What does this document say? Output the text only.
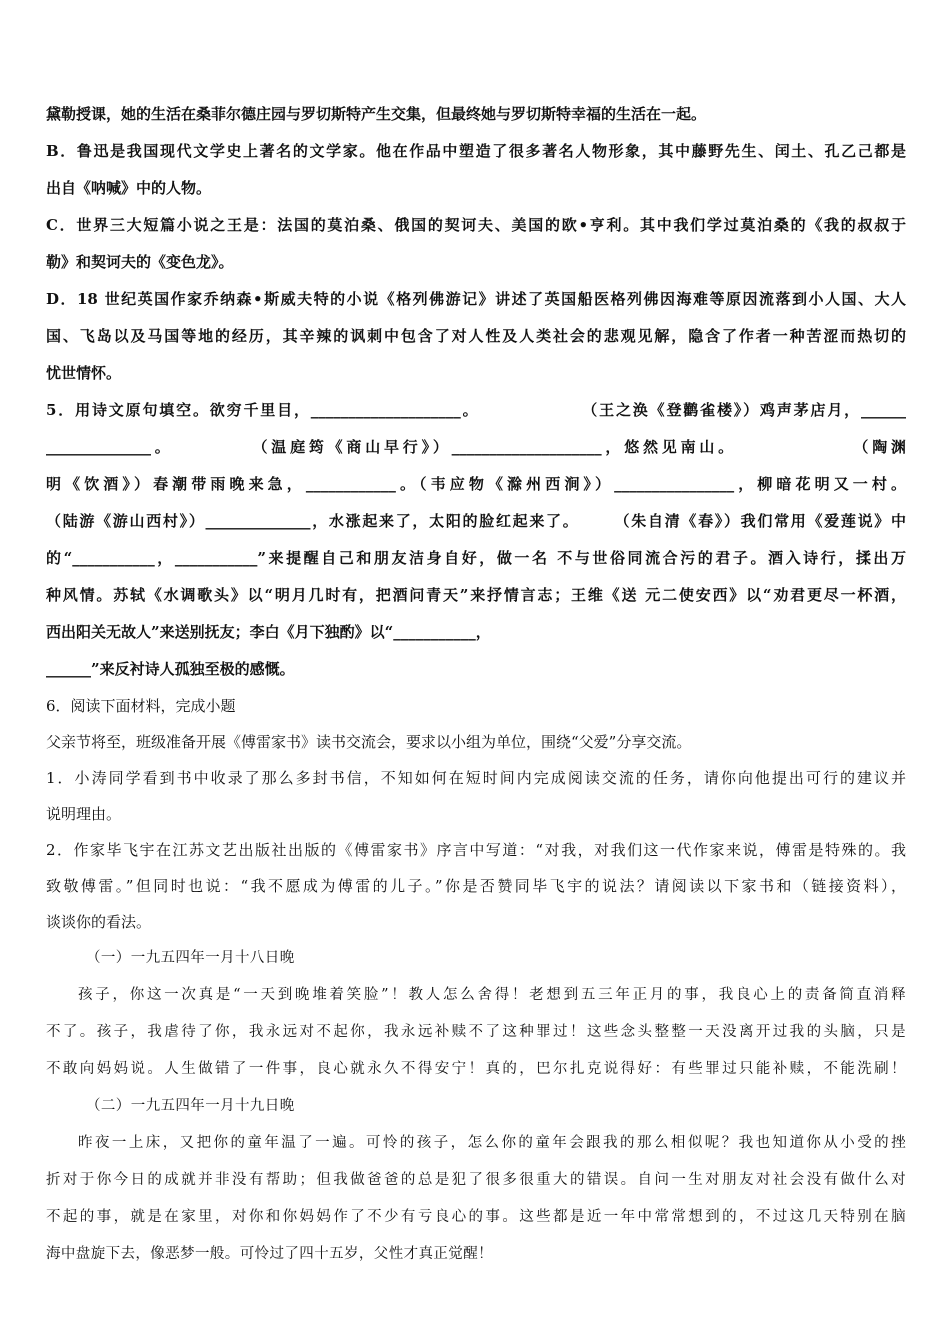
黛勒授课，她的生活在桑菲尔德庄园与罗切斯特产生交集，但最终她与罗切斯特幸福的生活在一起。
B．鲁迅是我国现代文学史上著名的文学家。他在作品中塑造了很多著名人物形象，其中藤野先生、闰土、孔乙己都是
出自《呐喊》中的人物。
C．世界三大短篇小说之王是：法国的莫泊桑、俄国的契诃夫、美国的欧•亨利。其中我们学过莫泊桑的《我的叔叔于
勒》和契诃夫的《变色龙》。
D．18 世纪英国作家乔纳森•斯威夫特的小说《格列佛游记》讲述了英国船医格列佛因海难等原因流落到小人国、大人
国、飞岛以及马国等地的经历，其辛辣的讽刺中包含了对人性及人类社会的悲观见解，隐含了作者一种苦涩而热切的
忧世情怀。
5．用诗文原句填空。欲穷千里目，____________________。　　　　　　　（王之涣《登鹳雀楼》）鸡声茅店月，______
______________。　　　　　（温庭筠《商山早行》）____________________，悠然见南山。　　　　　　　（陶渊
明《饮酒》）春潮带雨晚来急，____________。（韦应物《滁州西涧》）________________，柳暗花明又一村。
（陆游《游山西村》）______________，水涨起来了，太阳的脸红起来了。　　　（朱自清《春》）我们常用《爱莲说》中
的“___________，___________”来提醒自己和朋友洁身自好，做一名 不与世俗同流合污的君子。酒入诗行，揉出万
种风情。苏轼《水调歌头》以“明月几时有，把酒问青天”来抒情言志；王维《送 元二使安西》以“劝君更尽一杯酒，
西出阳关无故人”来送别抚友；李白《月下独酌》以“___________，
______”来反衬诗人孤独至极的感慨。
6．阅读下面材料，完成小题
父亲节将至，班级准备开展《傅雷家书》读书交流会，要求以小组为单位，围绕“父爱”分享交流。
1．小涛同学看到书中收录了那么多封书信，不知如何在短时间内完成阅读交流的任务，请你向他提出可行的建议并
说明理由。
2．作家毕飞宇在江苏文艺出版社出版的《傅雷家书》序言中写道：“对我，对我们这一代作家来说，傅雷是特殊的。我
致敬傅雷。”但同时也说：“我不愿成为傅雷的儿子。”你是否赞同毕飞宇的说法？请阅读以下家书和（链接资料），
谈谈你的看法。
（一）一九五四年一月十八日晚
孩子，你这一次真是“一天到晚堆着笑脸”！教人怎么舍得！老想到五三年正月的事，我良心上的责备简直消释
不了。孩子，我虐待了你，我永远对不起你，我永远补赎不了这种罪过！这些念头整整一天没离开过我的头脑，只是
不敢向妈妈说。人生做错了一件事，良心就永久不得安宁！真的，巴尔扎克说得好：有些罪过只能补赎，不能洗刷！
（二）一九五四年一月十九日晚
昨夜一上床，又把你的童年温了一遍。可怜的孩子，怎么你的童年会跟我的那么相似呢？我也知道你从小受的挫
折对于你今日的成就并非没有帮助；但我做爸爸的总是犯了很多很重大的错误。自问一生对朋友对社会没有做什么对
不起的事，就是在家里，对你和你妈妈作了不少有亏良心的事。这些都是近一年中常常想到的，不过这几天特别在脑
海中盘旋下去，像恶梦一般。可怜过了四十五岁，父性才真正觉醒！
